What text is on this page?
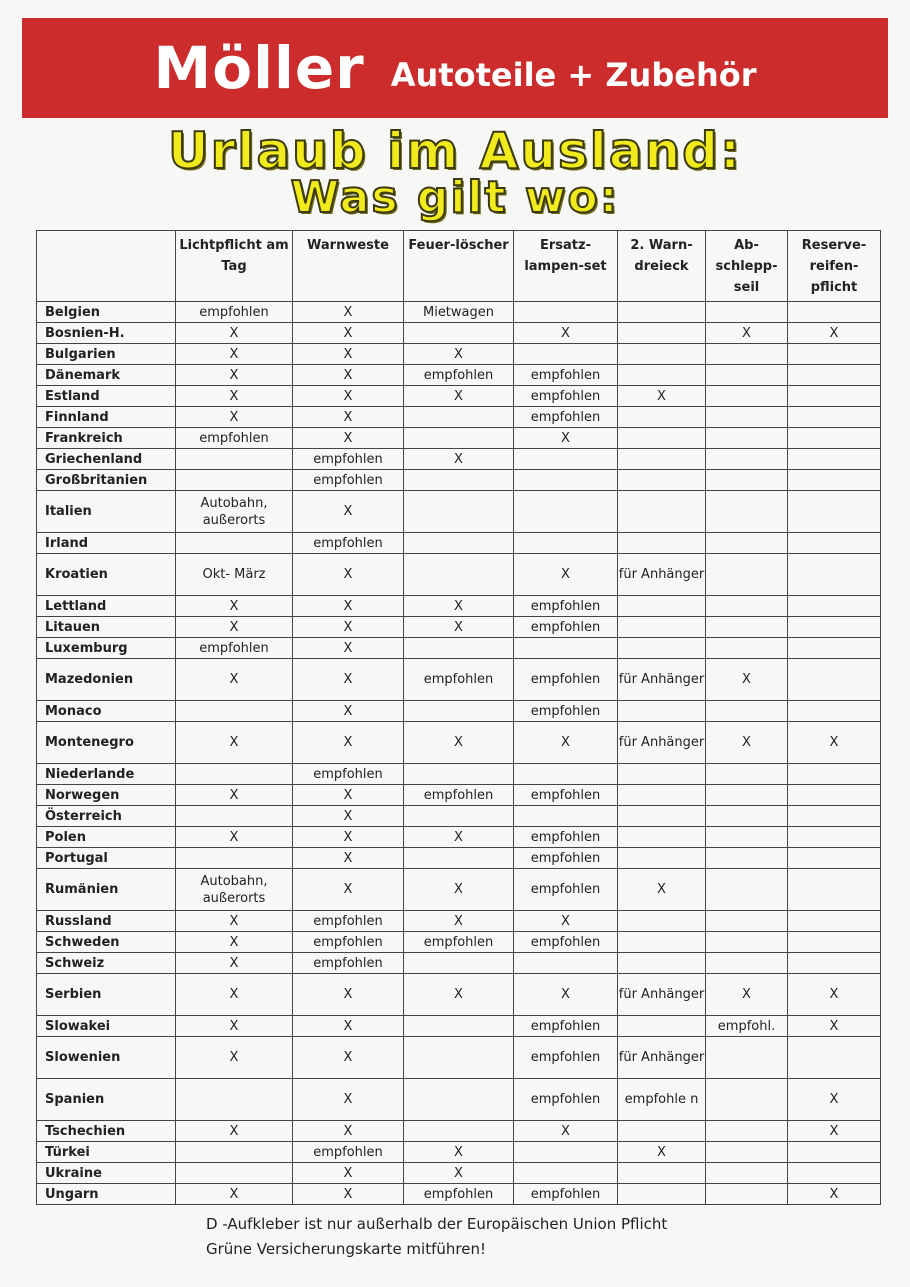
Möller Autoteile + Zubehör
Urlaub im Ausland:
Was gilt wo:
	Lichtpflicht am Tag	Warnweste	Feuer-löscher	Ersatz-lampen-set	2. Warn-dreieck	Ab-schlepp-seil	Reserve-reifen-pflicht
Belgien	empfohlen	X	Mietwagen				
Bosnien-H.	X	X		X		X	X
Bulgarien	X	X	X				
Dänemark	X	X	empfohlen	empfohlen			
Estland	X	X	X	empfohlen	X		
Finnland	X	X		empfohlen			
Frankreich	empfohlen	X		X			
Griechenland		empfohlen	X				
Großbritanien		empfohlen					
Italien	Autobahn, außerorts	X					
Irland		empfohlen					
Kroatien	Okt- März	X		X	für Anhänger		
Lettland	X	X	X	empfohlen			
Litauen	X	X	X	empfohlen			
Luxemburg	empfohlen	X					
Mazedonien	X	X	empfohlen	empfohlen	für Anhänger	X	
Monaco		X		empfohlen			
Montenegro	X	X	X	X	für Anhänger	X	X
Niederlande		empfohlen					
Norwegen	X	X	empfohlen	empfohlen			
Österreich		X					
Polen	X	X	X	empfohlen			
Portugal		X		empfohlen			
Rumänien	Autobahn, außerorts	X	X	empfohlen	X		
Russland	X	empfohlen	X	X			
Schweden	X	empfohlen	empfohlen	empfohlen			
Schweiz	X	empfohlen					
Serbien	X	X	X	X	für Anhänger	X	X
Slowakei	X	X		empfohlen		empfohl.	X
Slowenien	X	X		empfohlen	für Anhänger		
Spanien		X		empfohlen	empfohle n		X
Tschechien	X	X		X			X
Türkei		empfohlen	X		X		
Ukraine		X	X				
Ungarn	X	X	empfohlen	empfohlen			X
D -Aufkleber ist nur außerhalb der Europäischen Union Pflicht
Grüne Versicherungskarte mitführen!
